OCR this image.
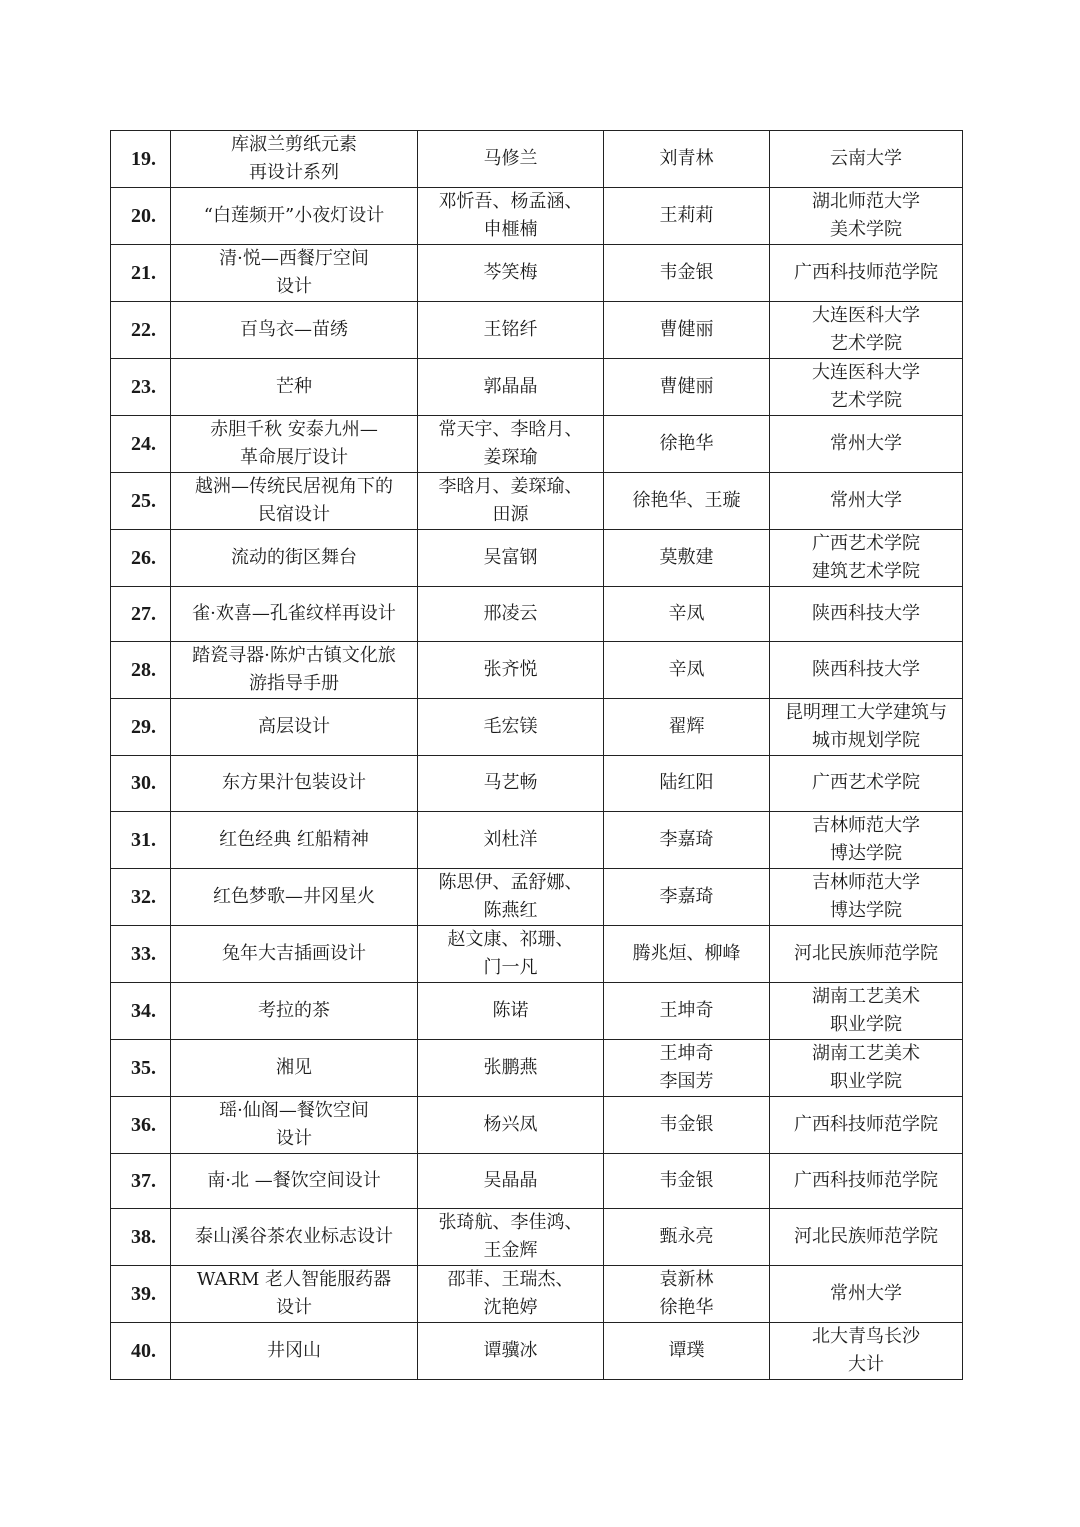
19.	库淑兰剪纸元素
再设计系列	马修兰	刘青林	云南大学
20.	“白莲频开”小夜灯设计	邓忻吾、杨孟涵、
申榧楠	王莉莉	湖北师范大学
美术学院
21.	清·悦—西餐厅空间
设计	芩笑梅	韦金银	广西科技师范学院
22.	百鸟衣—苗绣	王铭纤	曹健丽	大连医科大学
艺术学院
23.	芒种	郭晶晶	曹健丽	大连医科大学
艺术学院
24.	赤胆千秋 安泰九州—
革命展厅设计	常天宇、李晗月、
姜琛瑜	徐艳华	常州大学
25.	越洲—传统民居视角下的
民宿设计	李晗月、姜琛瑜、
田源	徐艳华、王璇	常州大学
26.	流动的街区舞台	吴富钢	莫敷建	广西艺术学院
建筑艺术学院
27.	雀·欢喜—孔雀纹样再设计	邢凌云	辛凤	陕西科技大学
28.	踏瓷寻器·陈炉古镇文化旅
游指导手册	张齐悦	辛凤	陕西科技大学
29.	高层设计	毛宏镁	翟辉	昆明理工大学建筑与
城市规划学院
30.	东方果汁包装设计	马艺畅	陆红阳	广西艺术学院
31.	红色经典 红船精神	刘杜洋	李嘉琦	吉林师范大学
博达学院
32.	红色梦歌—井冈星火	陈思伊、孟舒娜、
陈燕红	李嘉琦	吉林师范大学
博达学院
33.	兔年大吉插画设计	赵文康、祁珊、
门一凡	腾兆烜、柳峰	河北民族师范学院
34.	考拉的茶	陈诺	王坤奇	湖南工艺美术
职业学院
35.	湘见	张鹏燕	王坤奇
李国芳	湖南工艺美术
职业学院
36.	瑶·仙阁—餐饮空间
设计	杨兴凤	韦金银	广西科技师范学院
37.	南·北 —餐饮空间设计	吴晶晶	韦金银	广西科技师范学院
38.	泰山溪谷茶农业标志设计	张琦航、李佳鸿、
王金辉	甄永亮	河北民族师范学院
39.	WARM 老人智能服药器
设计	邵菲、王瑞杰、
沈艳婷	袁新林
徐艳华	常州大学
40.	井冈山	谭骥冰	谭璞	北大青鸟长沙
大计
